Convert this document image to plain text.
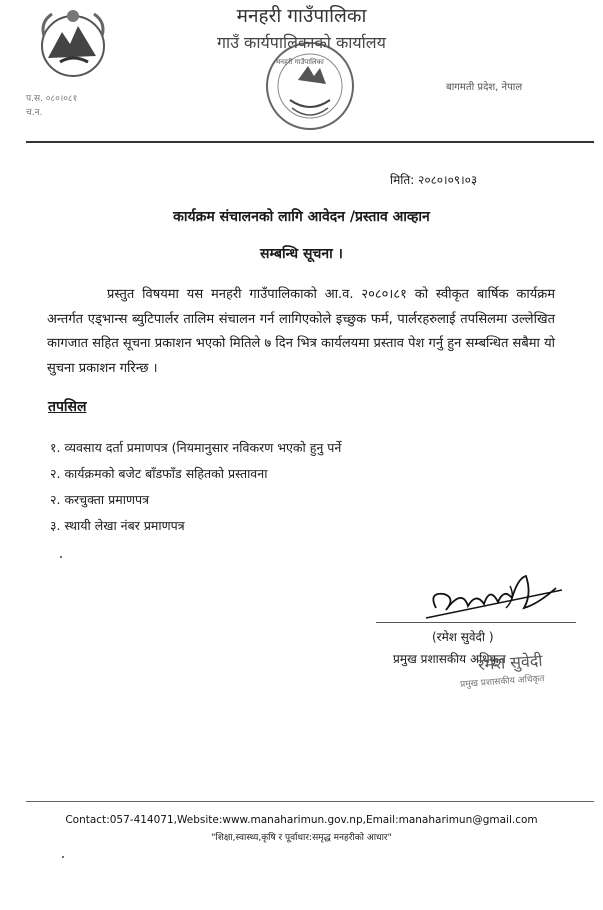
मनहरी गाउँपालिका
गाउँ कार्यपालिकाको कार्यालय
मनहरी गाउँपालिका
बागमती प्रदेश, नेपाल
प.स. ०८०।०८१
च.न.
मिति: २०८०।०९।०३
कार्यक्रम संचालनको लागि आवेदन /प्रस्ताव आव्हान
सम्बन्धि सूचना ।
प्रस्तुत विषयमा यस मनहरी गाउँपालिकाको आ.व. २०८०।८१ को स्वीकृत बार्षिक कार्यक्रम अन्तर्गत एड्भान्स ब्युटिपार्लर तालिम संचालन गर्न लागिएकोले इच्छुक फर्म, पार्लरहरुलाई तपसिलमा उल्लेखित कागजात सहित सूचना प्रकाशन भएको मितिले ७ दिन भित्र कार्यलयमा प्रस्ताव पेश गर्नु हुन सम्बन्धित सबैमा यो सुचना प्रकाशन गरिन्छ ।
तपसिल
१. व्यवसाय दर्ता प्रमाणपत्र (नियमानुसार नविकरण भएको हुनु पर्ने
२. कार्यक्रमको बजेट बाँडफाँड सहितको प्रस्तावना
२. करचुक्ता प्रमाणपत्र
३. स्थायी लेखा नंबर प्रमाणपत्र
(रमेश सुवेदी )
प्रमुख प्रशासकीय अधिकृत
रमेश सुवेदी
प्रमुख प्रशासकीय अधिकृत
Contact:057-414071,Website:www.manaharimun.gov.np,Email:manaharimun@gmail.com
"शिक्षा,स्वास्थ्य,कृषि र पूर्वाधार:समृद्ध मनहरीको आधार"
